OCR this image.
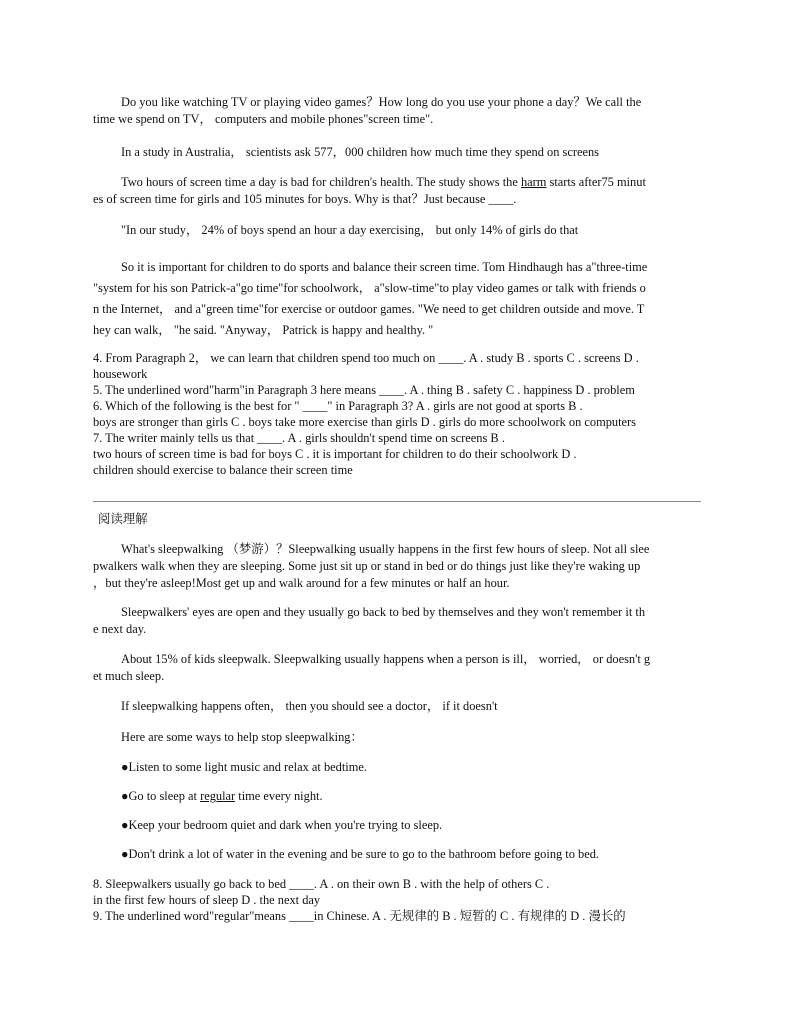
Do you like watching TV or playing video games？How long do you use your phone a day？We call the
time we spend on TV， computers and mobile phones"screen time".

In a study in Australia， scientists ask 577，000 children how much time they spend on screens

Two hours of screen time a day is bad for children's health. The study shows the harm starts after75 minut
es of screen time for girls and 105 minutes for boys. Why is that？Just because ____.

"In our study， 24% of boys spend an hour a day exercising， but only 14% of girls do that

So it is important for children to do sports and balance their screen time. Tom Hindhaugh has a"three-time
"system for his son Patrick-a"go time"for schoolwork， a"slow-time"to play video games or talk with friends o
n the Internet， and a"green time"for exercise or outdoor games. "We need to get children outside and move. T
hey can walk， "he said. "Anyway， Patrick is happy and healthy. "

4. From Paragraph 2， we can learn that children spend too much on ____. A . study B . sports C . screens D .
housework
5. The underlined word"harm"in Paragraph 3 here means ____. A . thing B . safety C . happiness D . problem
6. Which of the following is the best for " ____" in Paragraph 3? A . girls are not good at sports B .
boys are stronger than girls C . boys take more exercise than girls D . girls do more schoolwork on computers
7. The writer mainly tells us that ____. A . girls shouldn't spend time on screens B .
two hours of screen time is bad for boys C . it is important for children to do their schoolwork D .
children should exercise to balance their screen time
阅读理解

What's sleepwalking （梦游）？Sleepwalking usually happens in the first few hours of sleep. Not all slee
pwalkers walk when they are sleeping. Some just sit up or stand in bed or do things just like they're waking up
，but they're asleep!Most get up and walk around for a few minutes or half an hour.

Sleepwalkers' eyes are open and they usually go back to bed by themselves and they won't remember it th
e next day.

About 15% of kids sleepwalk. Sleepwalking usually happens when a person is ill， worried， or doesn't g
et much sleep.

If sleepwalking happens often， then you should see a doctor， if it doesn't

Here are some ways to help stop sleepwalking：

●Listen to some light music and relax at bedtime.

●Go to sleep at regular time every night.

●Keep your bedroom quiet and dark when you're trying to sleep.

●Don't drink a lot of water in the evening and be sure to go to the bathroom before going to bed.

8. Sleepwalkers usually go back to bed ____. A . on their own B . with the help of others C .
in the first few hours of sleep D . the next day
9. The underlined word"regular"means ____in Chinese. A . 无规律的 B . 短暂的 C . 有规律的 D . 漫长的
